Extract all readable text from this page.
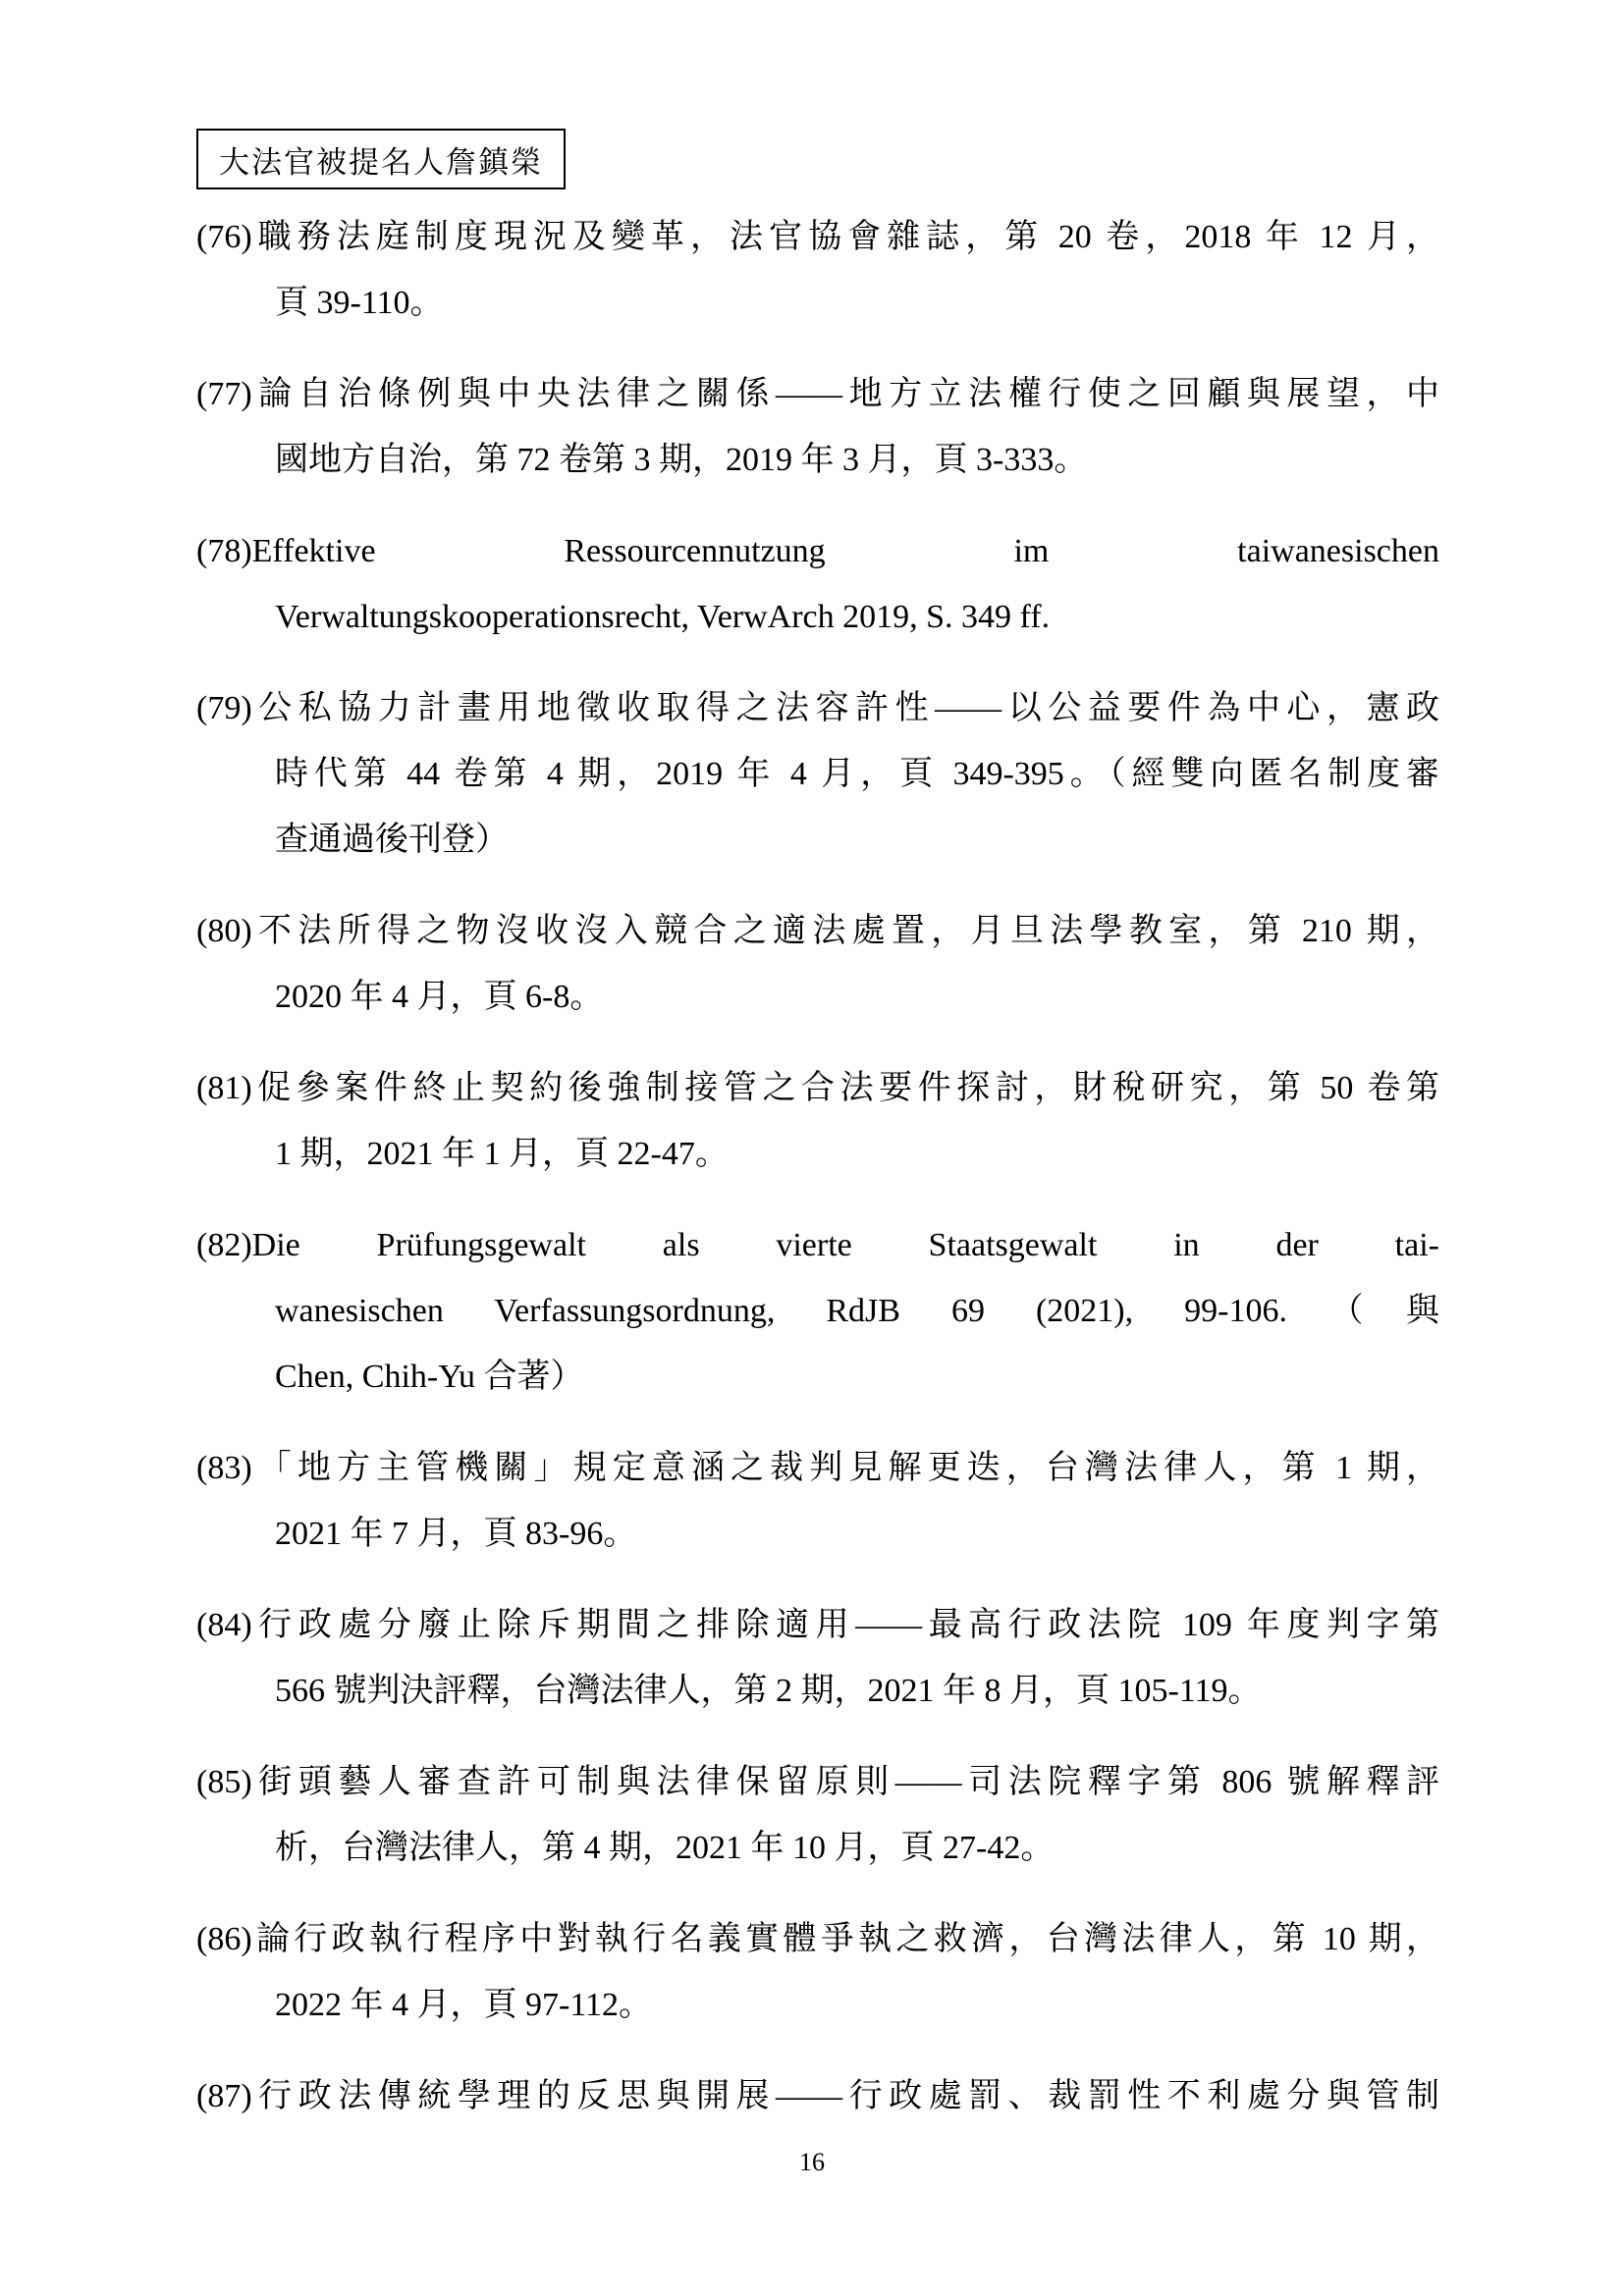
大法官被提名人詹鎮榮
(76)職務法庭制度現況及變革，法官協會雜誌，第 20 卷，2018 年 12 月，
頁 39-110。
(77)論自治條例與中央法律之關係——地方立法權行使之回顧與展望，中
國地方自治，第 72 卷第 3 期，2019 年 3 月，頁 3-333。
(78)Effektive Ressourcennutzung im taiwanesischen
Verwaltungskooperationsrecht, VerwArch 2019, S. 349 ff.
(79)公私協力計畫用地徵收取得之法容許性——以公益要件為中心，憲政
時代第 44 卷第 4 期，2019 年 4 月，頁 349-395。（經雙向匿名制度審
查通過後刊登）
(80)不法所得之物沒收沒入競合之適法處置，月旦法學教室，第 210 期，
2020 年 4 月，頁 6-8。
(81)促參案件終止契約後強制接管之合法要件探討，財稅研究，第 50 卷第
1 期，2021 年 1 月，頁 22-47。
(82)Die Prüfungsgewalt als vierte Staatsgewalt in der tai-
wanesischen Verfassungsordnung, RdJB 69 (2021), 99-106.（與
Chen, Chih-Yu 合著）
(83)「地方主管機關」規定意涵之裁判見解更迭，台灣法律人，第 1 期，
2021 年 7 月，頁 83-96。
(84)行政處分廢止除斥期間之排除適用——最高行政法院 109 年度判字第
566 號判決評釋，台灣法律人，第 2 期，2021 年 8 月，頁 105-119。
(85)街頭藝人審查許可制與法律保留原則——司法院釋字第 806 號解釋評
析，台灣法律人，第 4 期，2021 年 10 月，頁 27-42。
(86)論行政執行程序中對執行名義實體爭執之救濟，台灣法律人，第 10 期，
2022 年 4 月，頁 97-112。
(87)行政法傳統學理的反思與開展——行政處罰、裁罰性不利處分與管制
16
